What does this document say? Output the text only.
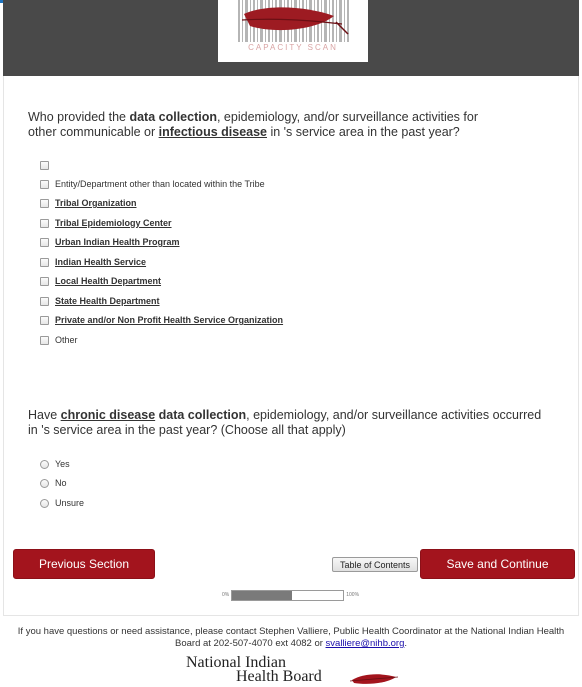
CAPACITY SCAN
Who provided the data collection, epidemiology, and/or surveillance activities for other communicable or infectious disease in 's service area in the past year?
Entity/Department other than located within the Tribe
Tribal Organization
Tribal Epidemiology Center
Urban Indian Health Program
Indian Health Service
Local Health Department
State Health Department
Private and/or Non Profit Health Service Organization
Other
Have chronic disease data collection, epidemiology, and/or surveillance activities occurred in 's service area in the past year? (Choose all that apply)
Yes
No
Unsure
Previous Section	Table of Contents	Save and Continue
0%	100%
If you have questions or need assistance, please contact Stephen Valliere, Public Health Coordinator at the National Indian Health Board at 202-507-4070 ext 4082 or svalliere@nihb.org.
National Indian
Health Board
